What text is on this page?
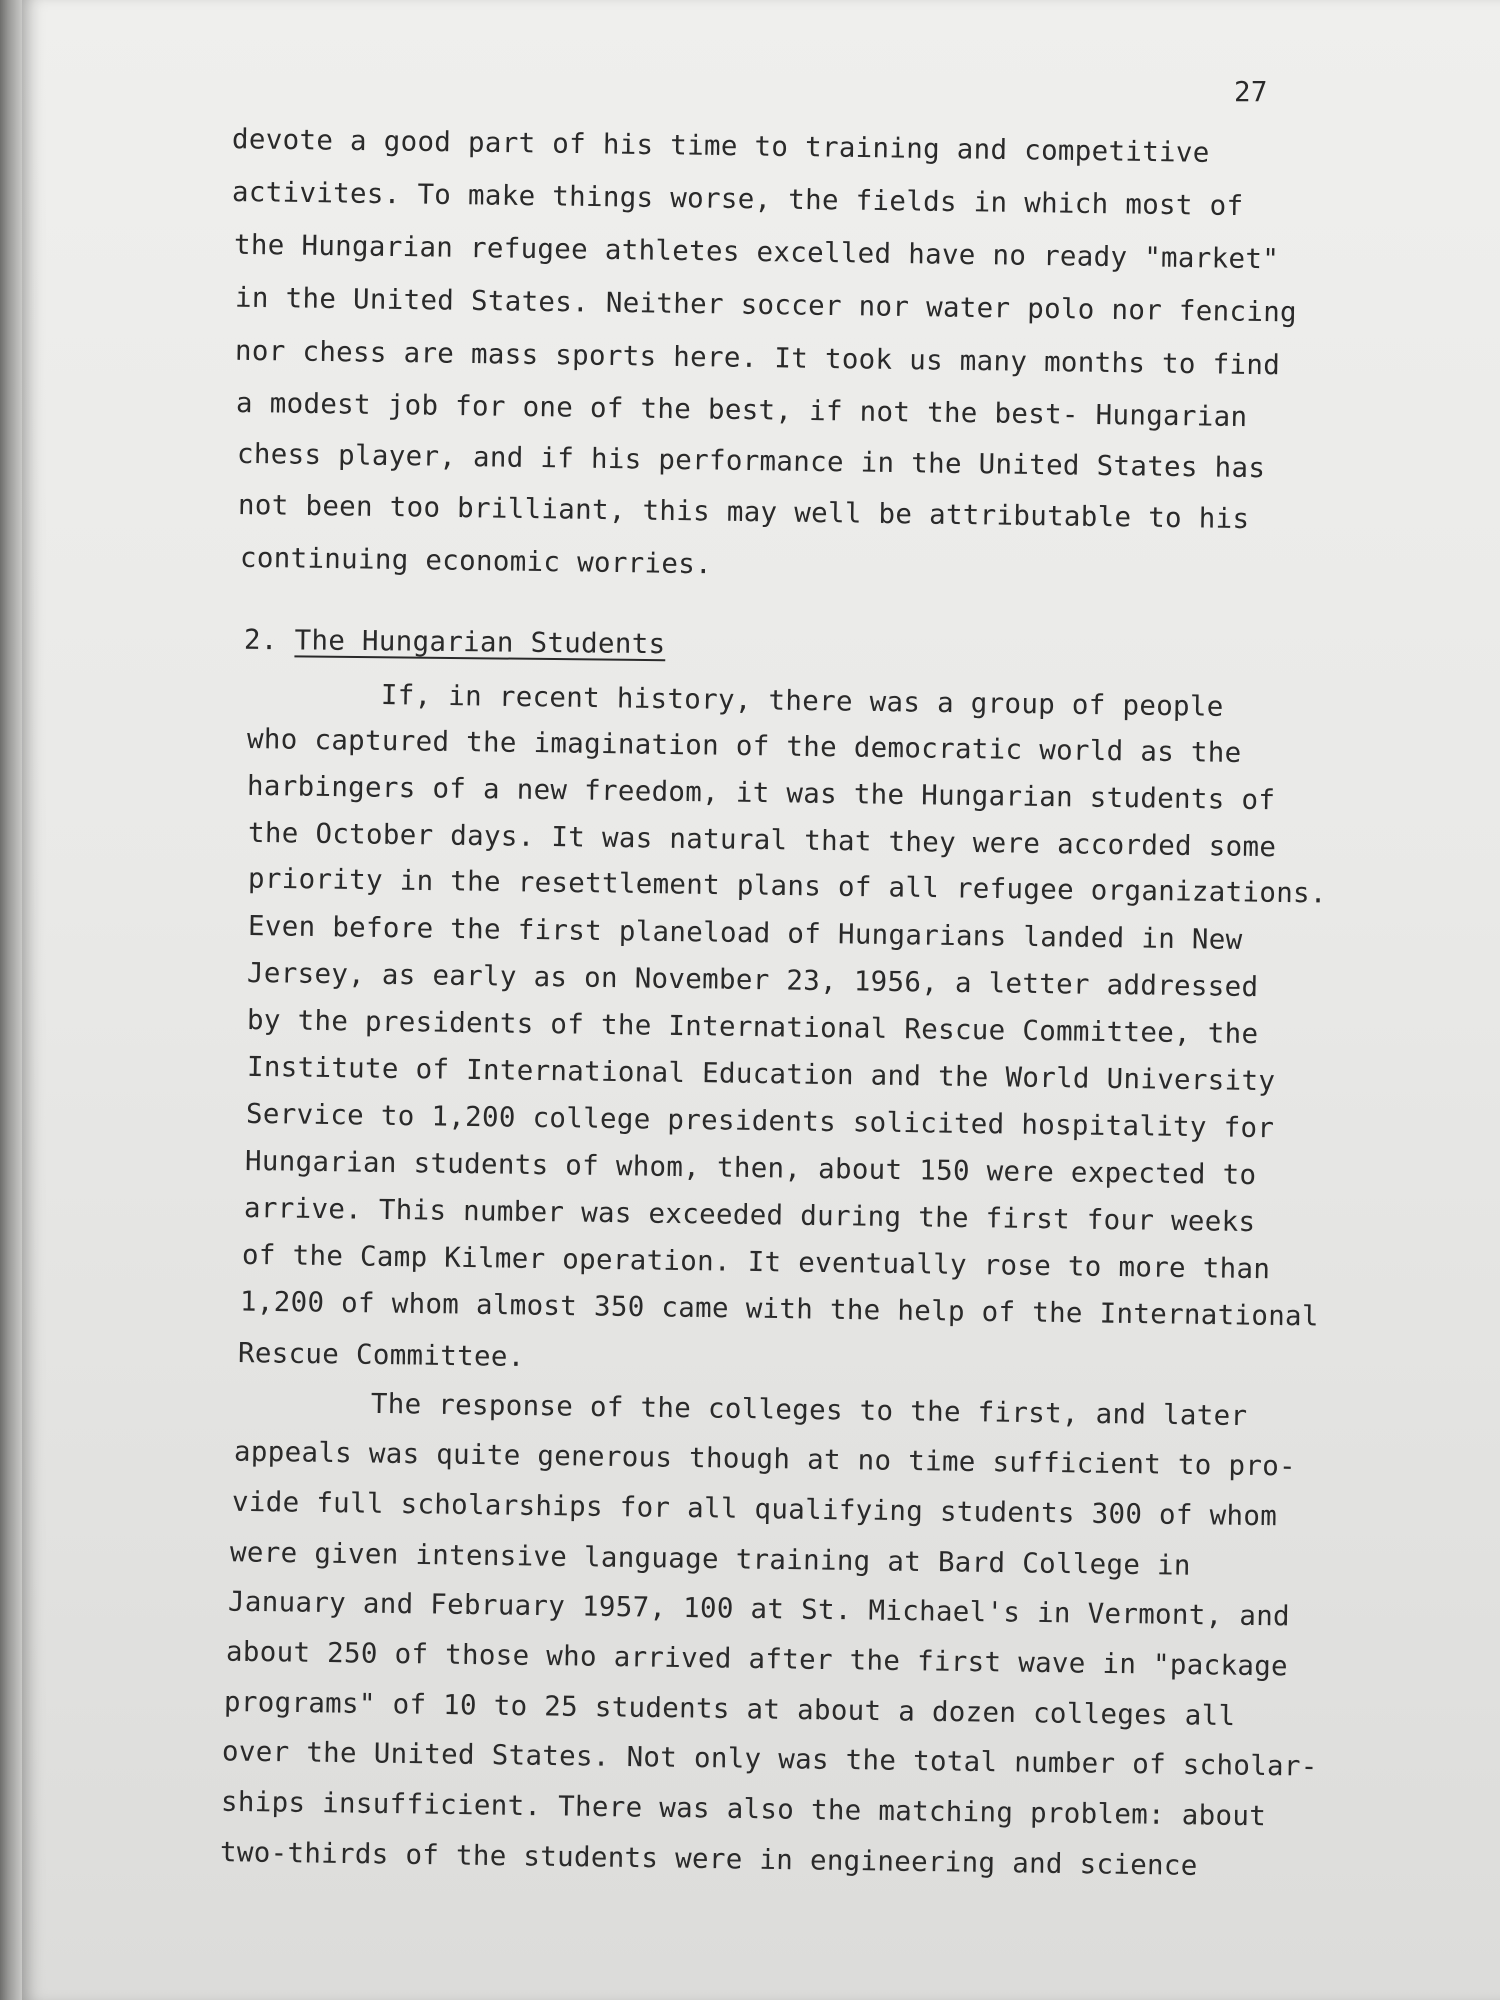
27
devote a good part of his time to training and competitive
activites. To make things worse, the fields in which most of
the Hungarian refugee athletes excelled have no ready "market"
in the United States. Neither soccer nor water polo nor fencing
nor chess are mass sports here. It took us many months to find
a modest job for one of the best, if not the best- Hungarian
chess player, and if his performance in the United States has
not been too brilliant, this may well be attributable to his
continuing economic worries.
2. The Hungarian Students
If, in recent history, there was a group of people
who captured the imagination of the democratic world as the
harbingers of a new freedom, it was the Hungarian students of
the October days. It was natural that they were accorded some
priority in the resettlement plans of all refugee organizations.
Even before the first planeload of Hungarians landed in New
Jersey, as early as on November 23, 1956, a letter addressed
by the presidents of the International Rescue Committee, the
Institute of International Education and the World University
Service to 1,200 college presidents solicited hospitality for
Hungarian students of whom, then, about 150 were expected to
arrive. This number was exceeded during the first four weeks
of the Camp Kilmer operation. It eventually rose to more than
1,200 of whom almost 350 came with the help of the International
Rescue Committee.
The response of the colleges to the first, and later
appeals was quite generous though at no time sufficient to pro-
vide full scholarships for all qualifying students 300 of whom
were given intensive language training at Bard College in
January and February 1957, 100 at St. Michael's in Vermont, and
about 250 of those who arrived after the first wave in "package
programs" of 10 to 25 students at about a dozen colleges all
over the United States. Not only was the total number of scholar-
ships insufficient. There was also the matching problem: about
two-thirds of the students were in engineering and science
